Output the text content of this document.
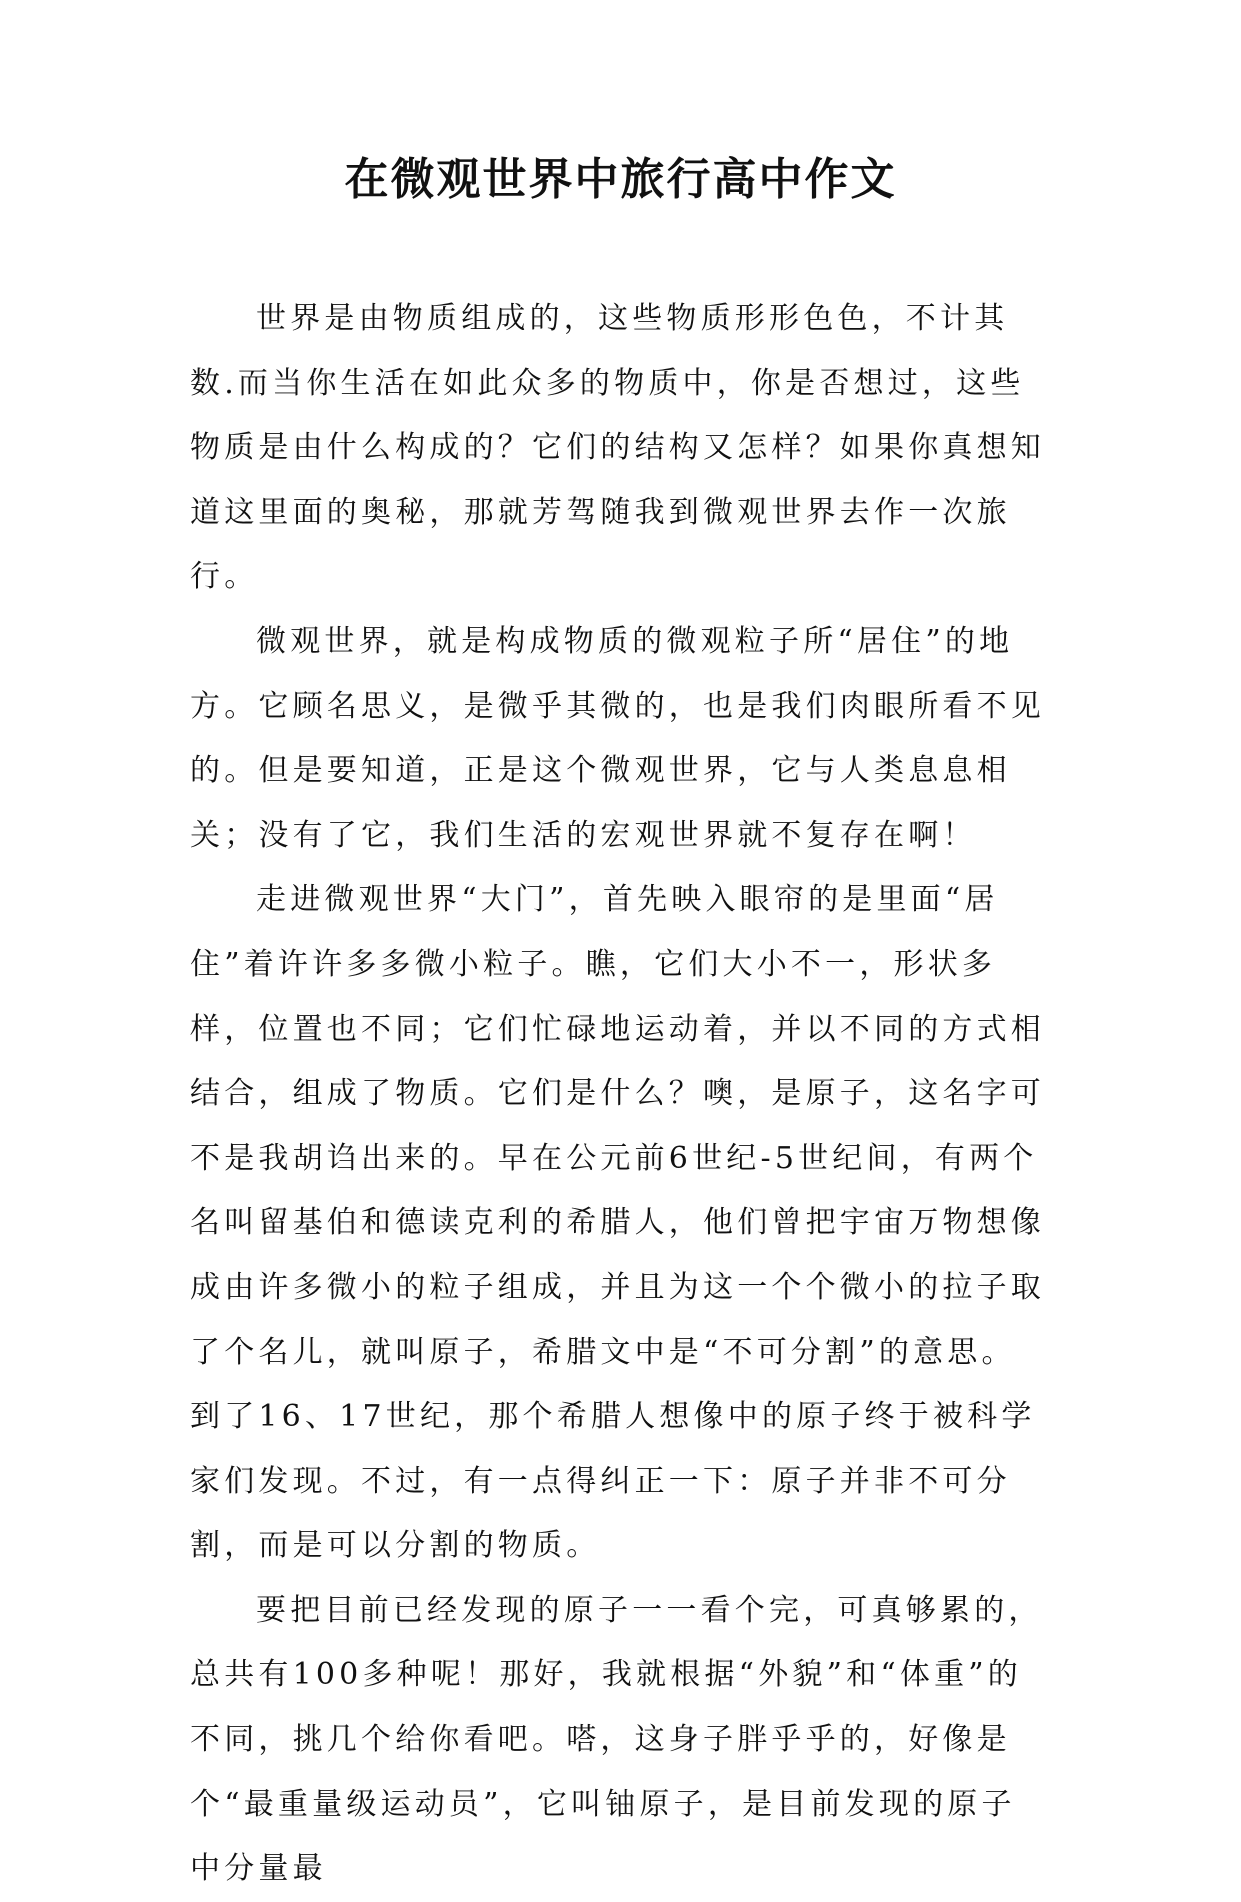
在微观世界中旅行高中作文

世界是由物质组成的，这些物质形形色色，不计其数.而当你生活在如此众多的物质中，你是否想过，这些物质是由什么构成的？它们的结构又怎样？如果你真想知道这里面的奥秘，那就芳驾随我到微观世界去作一次旅行。

微观世界，就是构成物质的微观粒子所“居住”的地方。它顾名思义，是微乎其微的，也是我们肉眼所看不见的。但是要知道，正是这个微观世界，它与人类息息相关；没有了它，我们生活的宏观世界就不复存在啊！

走进微观世界“大门”，首先映入眼帘的是里面“居住”着许许多多微小粒子。瞧，它们大小不一，形状多样，位置也不同；它们忙碌地运动着，并以不同的方式相结合，组成了物质。它们是什么？噢，是原子，这名字可不是我胡诌出来的。早在公元前6世纪-5世纪间，有两个名叫留基伯和德读克利的希腊人，他们曾把宇宙万物想像成由许多微小的粒子组成，并且为这一个个微小的拉子取了个名儿，就叫原子，希腊文中是“不可分割”的意思。到了16、17世纪，那个希腊人想像中的原子终于被科学家们发现。不过，有一点得纠正一下：原子并非不可分割，而是可以分割的物质。

要把目前已经发现的原子一一看个完，可真够累的，总共有100多种呢！那好，我就根据“外貌”和“体重”的不同，挑几个给你看吧。嗒，这身子胖乎乎的，好像是个“最重量级运动员”，它叫铀原子，是目前发现的原子中分量最
